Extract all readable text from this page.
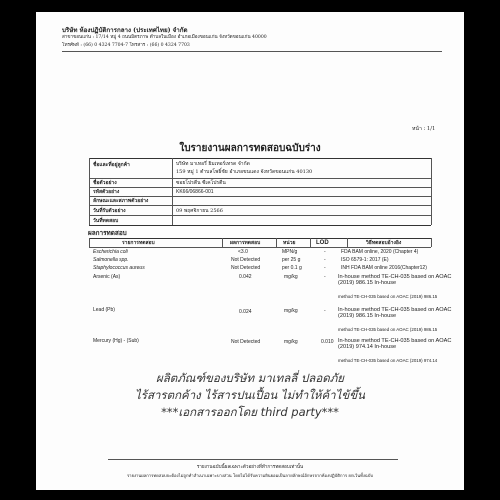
บริษัท ห้องปฏิบัติการกลาง (ประเทศไทย) จำกัด
สาขาขอนแก่น : 17/14 หมู่ 4 ถนนมิตรภาพ ตำบลในเมือง อำเภอเมืองขอนแก่น จังหวัดขอนแก่น 40000
โทรศัพท์ : (66) 0 4324 7704-7 โทรสาร : (66) 0 4324 7703
หน้า : 1/1
ใบรายงานผลการทดสอบฉบับร่าง
ชื่อและที่อยู่ลูกค้า	บริษัท มาเทอรี่ ยิมเทอร์เทรด จำกัด
159 หมู่ 1 ตำบลโพธิ์ชัย อำเภอขนแดง จังหวัดขอนแก่น 40130
ชื่อตัวอย่าง	ซอยโปรตีน ซีเคโปรตีน
รหัสตัวอย่าง	KK66/06866-001
ลักษณะและสภาพตัวอย่าง
วันที่รับตัวอย่าง	09 พฤศจิกายน 2566
วันที่ทดสอบ
ผลการทดสอบ
รายการทดสอบ	ผลการทดสอบ	หน่วย	LOD	วิธีทดสอบอ้างอิง
Escherichia coli	<3.0	MPN/g	-	FDA BAM online, 2020 (Chapter 4)
Salmonella spp.	Not Detected	per 25 g	-	ISO 6579-1: 2017 (E)
Staphylococcus aureus	Not Detected	per 0.1 g	-	INH FDA BAM online 2016(Chapter12)
Arsenic (As)	0.042	mg/kg	- In-house method TE-CH-035 based on AOAC (2019) 986.15 In-house
method TE-CH-035 based on AOAC (2019) 986.15
Lead (Pb)	0.024	mg/kg	- In-house method TE-CH-035 based on AOAC (2019) 986.15 In-house
method TE-CH-035 based on AOAC (2019) 986.15
Mercury (Hg) - (Sub)	Not Detected	mg/kg	0.010 In-house method TE-CH-035 based on AOAC (2019) 974.14 In-house
method TE-CH-035 based on AOAC (2019) 974.14
ผลิตภัณฑ์ของบริษัท มาเทลลี่ ปลอดภัย
ไร้สารตกค้าง ไร้สารปนเปื้อน ไม่ทำให้ค้าไข้ขึ้น
***เอกสารออกโดย third party***
รายงานฉบับนี้ผลเฉพาะตัวอย่างที่ทำการทดสอบเท่านั้น
รายงานผลการทดสอบจะต้องไม่ถูกทำสำเนาเฉพาะบางส่วน โดยไม่ได้รับความยินยอมเป็นลายลักษณ์อักษรจากห้องปฏิบัติการ ยกเว้นทั้งฉบับ
